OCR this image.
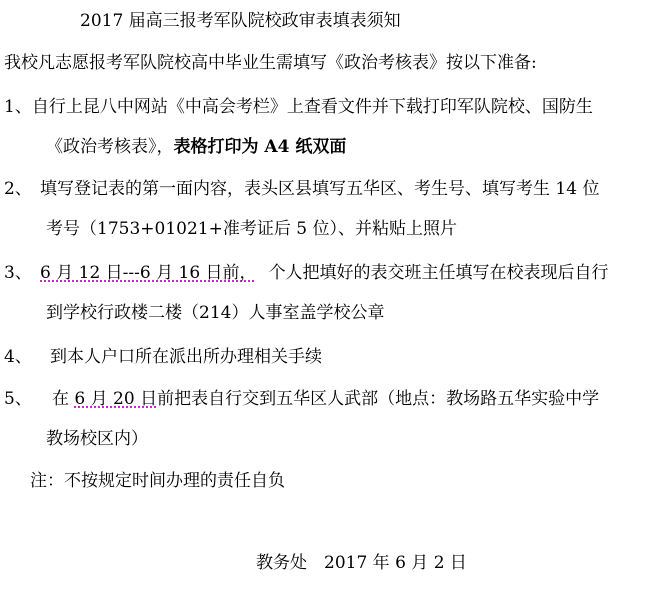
2017 届高三报考军队院校政审表填表须知
我校凡志愿报考军队院校高中毕业生需填写《政治考核表》按以下准备:
1、自行上昆八中网站《中高会考栏》上查看文件并下载打印军队院校、国防生
《政治考核表》，表格打印为 A4 纸双面
2、 填写登记表的第一面内容，表头区县填写五华区、考生号、填写考生 14 位
考号（1753+01021+准考证后 5 位）、并粘贴上照片
3、 6 月 12 日---6 月 16 日前， 个人把填好的表交班主任填写在校表现后自行
到学校行政楼二楼（214）人事室盖学校公章
4、 到本人户口所在派出所办理相关手续
5、 在 6 月 20 日前把表自行交到五华区人武部（地点：教场路五华实验中学
教场校区内）
注：不按规定时间办理的责任自负
教务处　2017 年 6 月 2 日
